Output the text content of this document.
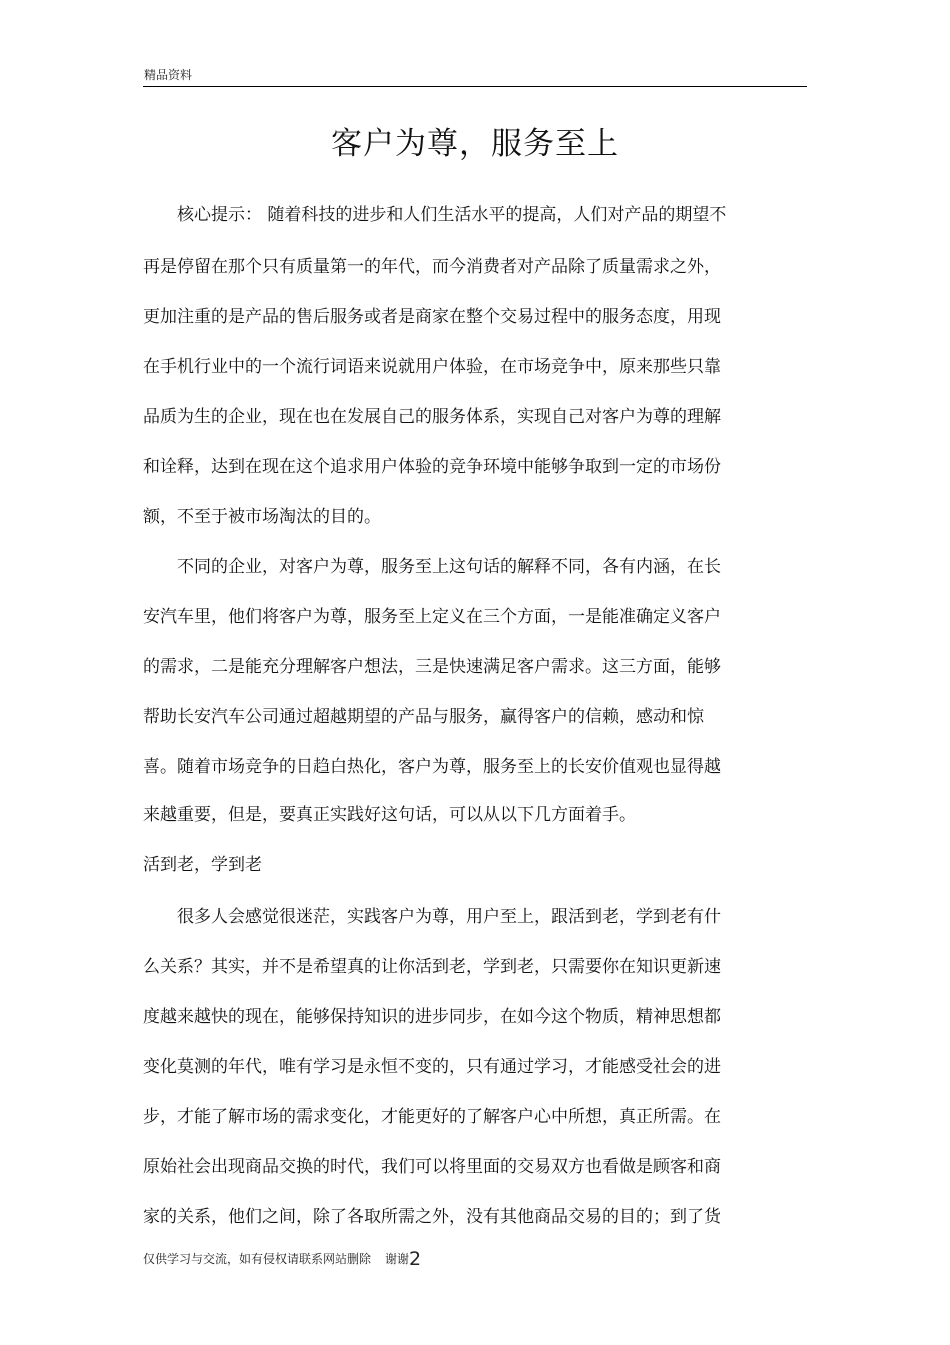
精品资料
客户为尊，服务至上
　　核心提示： 随着科技的进步和人们生活水平的提高，人们对产品的期望不
再是停留在那个只有质量第一的年代，而今消费者对产品除了质量需求之外，
更加注重的是产品的售后服务或者是商家在整个交易过程中的服务态度，用现
在手机行业中的一个流行词语来说就用户体验，在市场竞争中，原来那些只靠
品质为生的企业，现在也在发展自己的服务体系，实现自己对客户为尊的理解
和诠释，达到在现在这个追求用户体验的竞争环境中能够争取到一定的市场份
额，不至于被市场淘汰的目的。
　　不同的企业，对客户为尊，服务至上这句话的解释不同，各有内涵，在长
安汽车里，他们将客户为尊，服务至上定义在三个方面，一是能准确定义客户
的需求，二是能充分理解客户想法，三是快速满足客户需求。这三方面，能够
帮助长安汽车公司通过超越期望的产品与服务，赢得客户的信赖，感动和惊
喜。随着市场竞争的日趋白热化，客户为尊，服务至上的长安价值观也显得越
来越重要，但是，要真正实践好这句话，可以从以下几方面着手。
活到老，学到老
　　很多人会感觉很迷茫，实践客户为尊，用户至上，跟活到老，学到老有什
么关系？其实，并不是希望真的让你活到老，学到老，只需要你在知识更新速
度越来越快的现在，能够保持知识的进步同步，在如今这个物质，精神思想都
变化莫测的年代，唯有学习是永恒不变的，只有通过学习，才能感受社会的进
步，才能了解市场的需求变化，才能更好的了解客户心中所想，真正所需。在
原始社会出现商品交换的时代，我们可以将里面的交易双方也看做是顾客和商
家的关系，他们之间，除了各取所需之外，没有其他商品交易的目的；到了货
仅供学习与交流，如有侵权请联系网站删除 谢谢2
